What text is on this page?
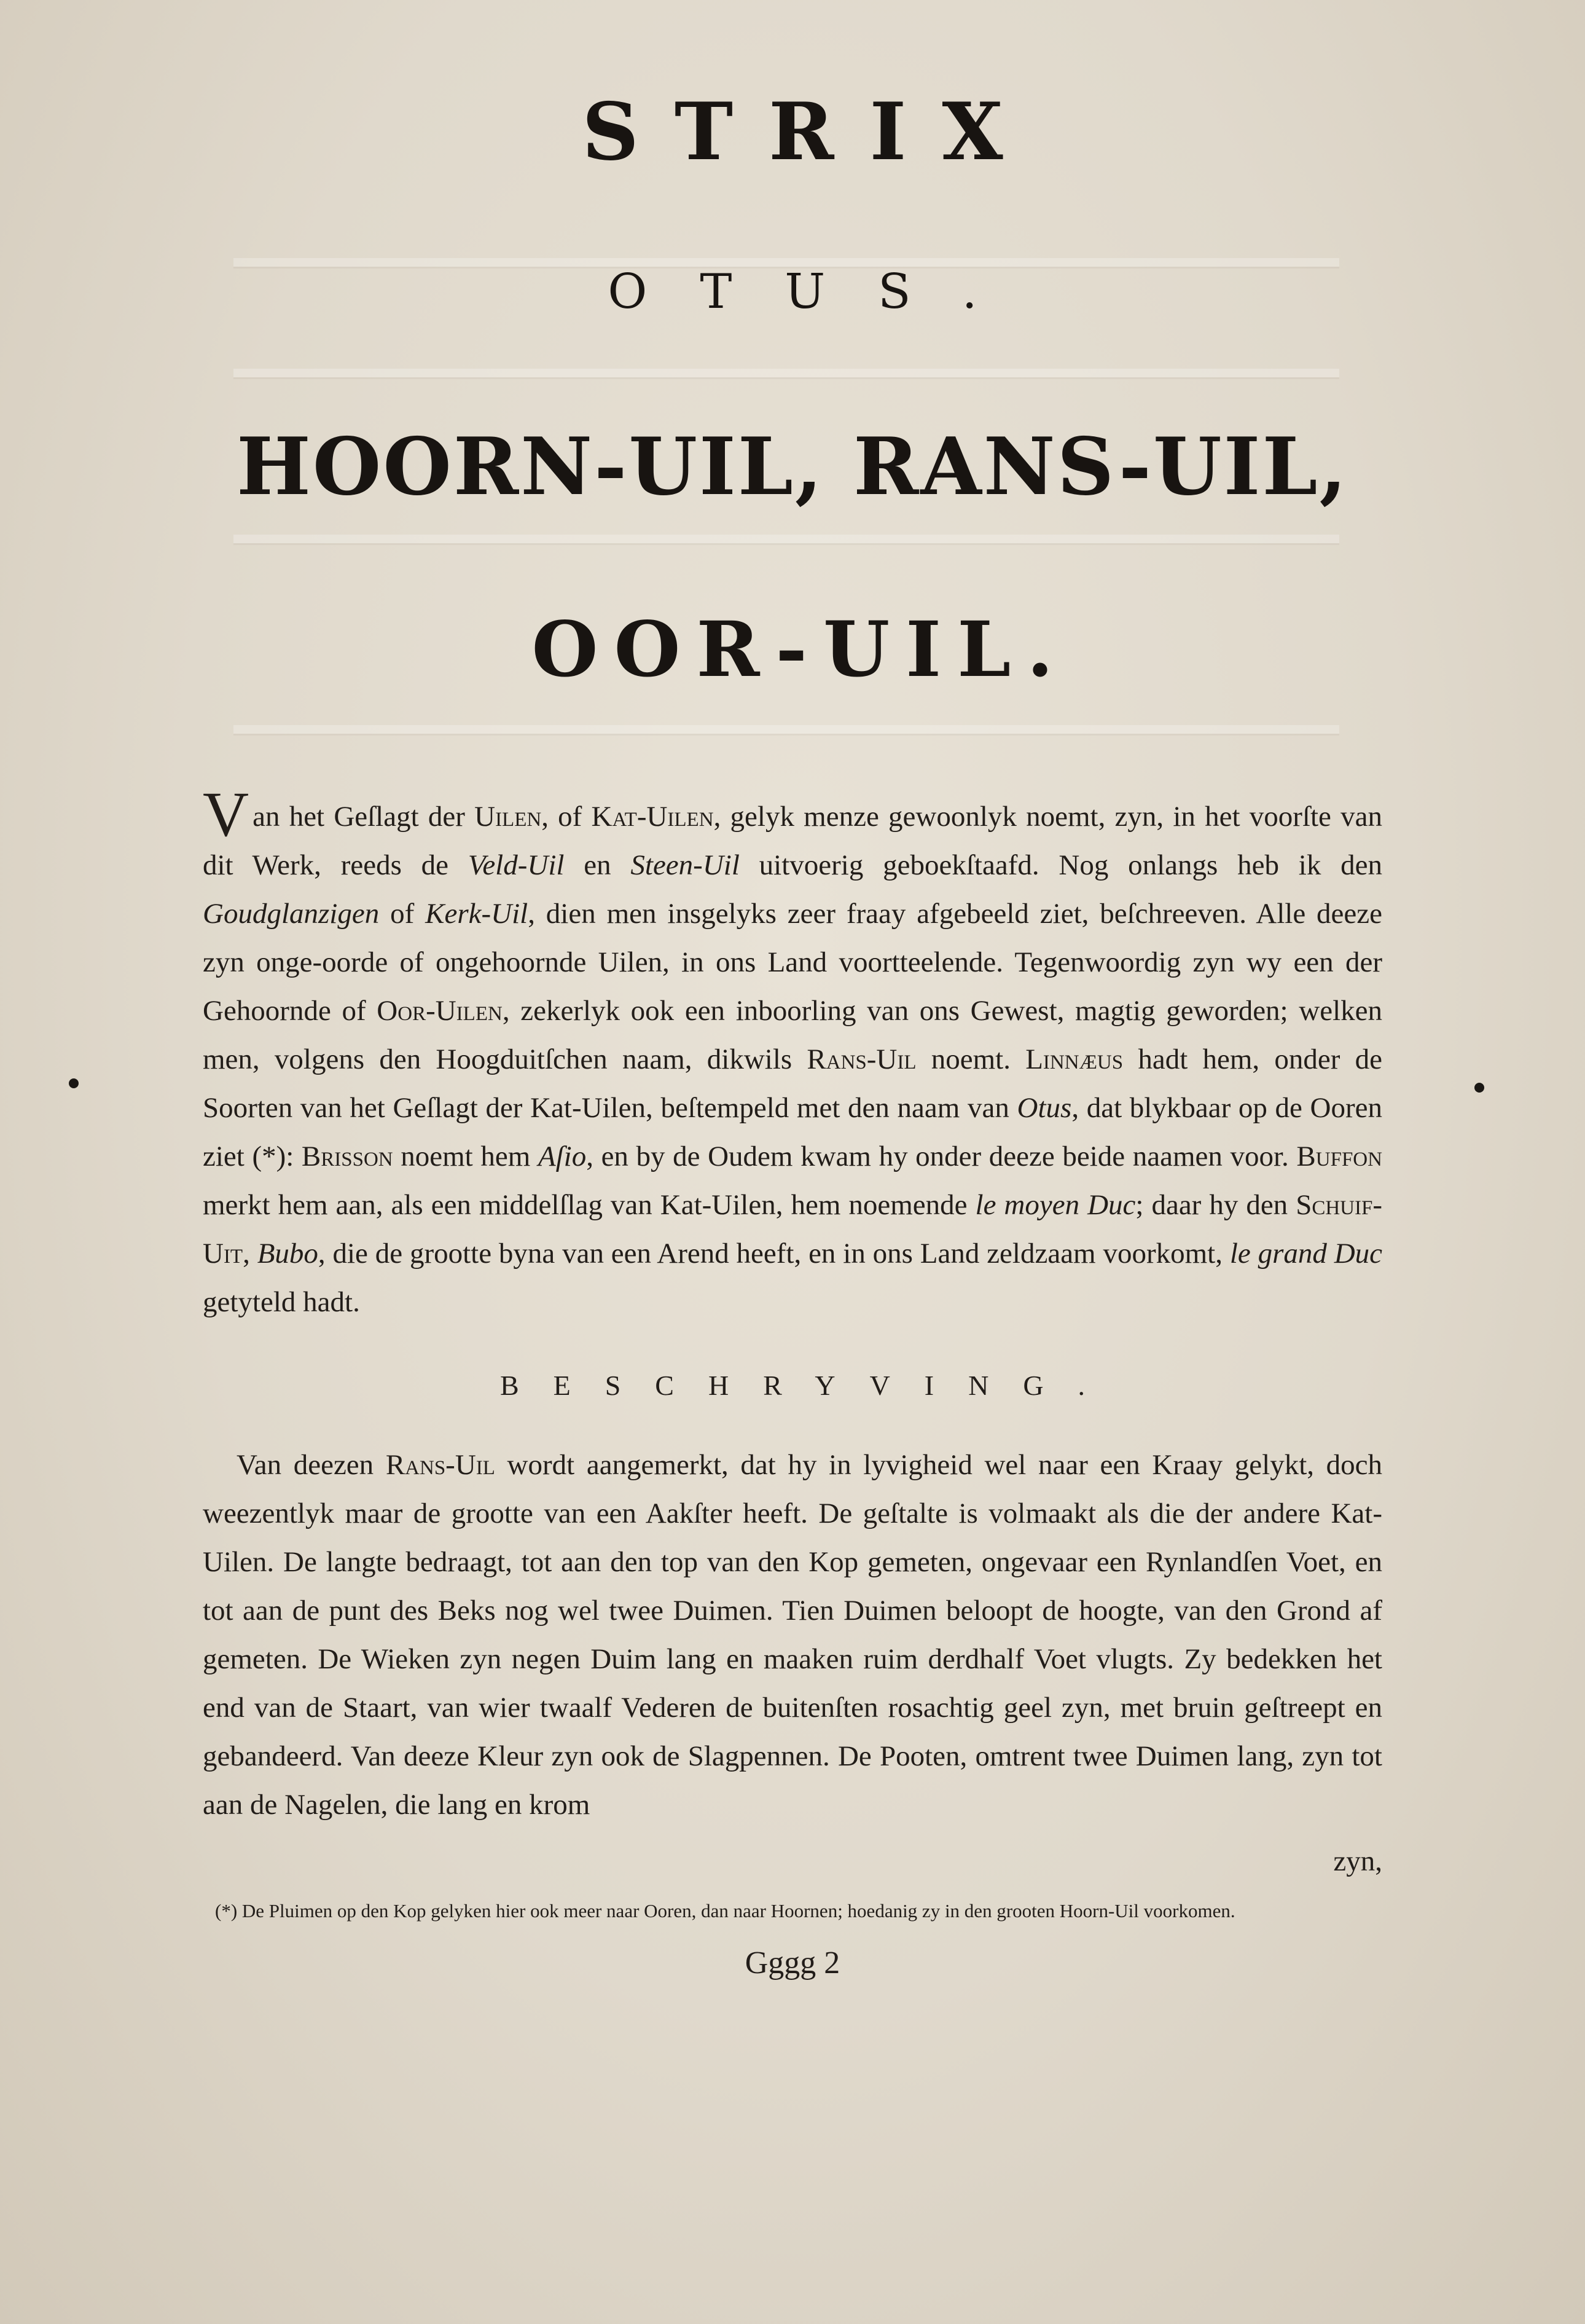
STRIX
OTUS.
HOORN-UIL, RANS-UIL,
OOR-UIL.
Van het Geſlagt der Uilen, of Kat-Uilen, gelyk menze gewoonlyk noemt, zyn, in het voorſte van dit Werk, reeds de Veld-Uil en Steen-Uil uitvoerig geboekſtaafd. Nog onlangs heb ik den Goudglanzigen of Kerk-Uil, dien men insgelyks zeer fraay afgebeeld ziet, beſchreeven. Alle deeze zyn onge-oorde of ongehoornde Uilen, in ons Land voortteelende. Tegenwoordig zyn wy een der Gehoornde of Oor-Uilen, zekerlyk ook een inboorling van ons Gewest, magtig geworden; welken men, volgens den Hoogduitſchen naam, dikwils Rans-Uil noemt. Linnæus hadt hem, onder de Soorten van het Geſlagt der Kat-Uilen, beſtempeld met den naam van Otus, dat blykbaar op de Ooren ziet (*): Brisson noemt hem Aſio, en by de Oudem kwam hy onder deeze beide naamen voor. Buffon merkt hem aan, als een middelſlag van Kat-Uilen, hem noemende le moyen Duc; daar hy den Schuif-Uit, Bubo, die de grootte byna van een Arend heeft, en in ons Land zeldzaam voorkomt, le grand Duc getyteld hadt.
BESCHRYVING.
Van deezen Rans-Uil wordt aangemerkt, dat hy in lyvigheid wel naar een Kraay gelykt, doch weezentlyk maar de grootte van een Aakſter heeft. De geſtalte is volmaakt als die der andere Kat-Uilen. De langte bedraagt, tot aan den top van den Kop gemeten, ongevaar een Rynlandſen Voet, en tot aan de punt des Beks nog wel twee Duimen. Tien Duimen beloopt de hoogte, van den Grond af gemeten. De Wieken zyn negen Duim lang en maaken ruim derdhalf Voet vlugts. Zy bedekken het end van de Staart, van wier twaalf Vederen de buitenſten rosachtig geel zyn, met bruin geſtreept en gebandeerd. Van deeze Kleur zyn ook de Slagpennen. De Pooten, omtrent twee Duimen lang, zyn tot aan de Nagelen, die lang en krom
zyn,
(*) De Pluimen op den Kop gelyken hier ook meer naar Ooren, dan naar Hoornen; hoedanig zy in den grooten Hoorn-Uil voorkomen.
Gggg 2
